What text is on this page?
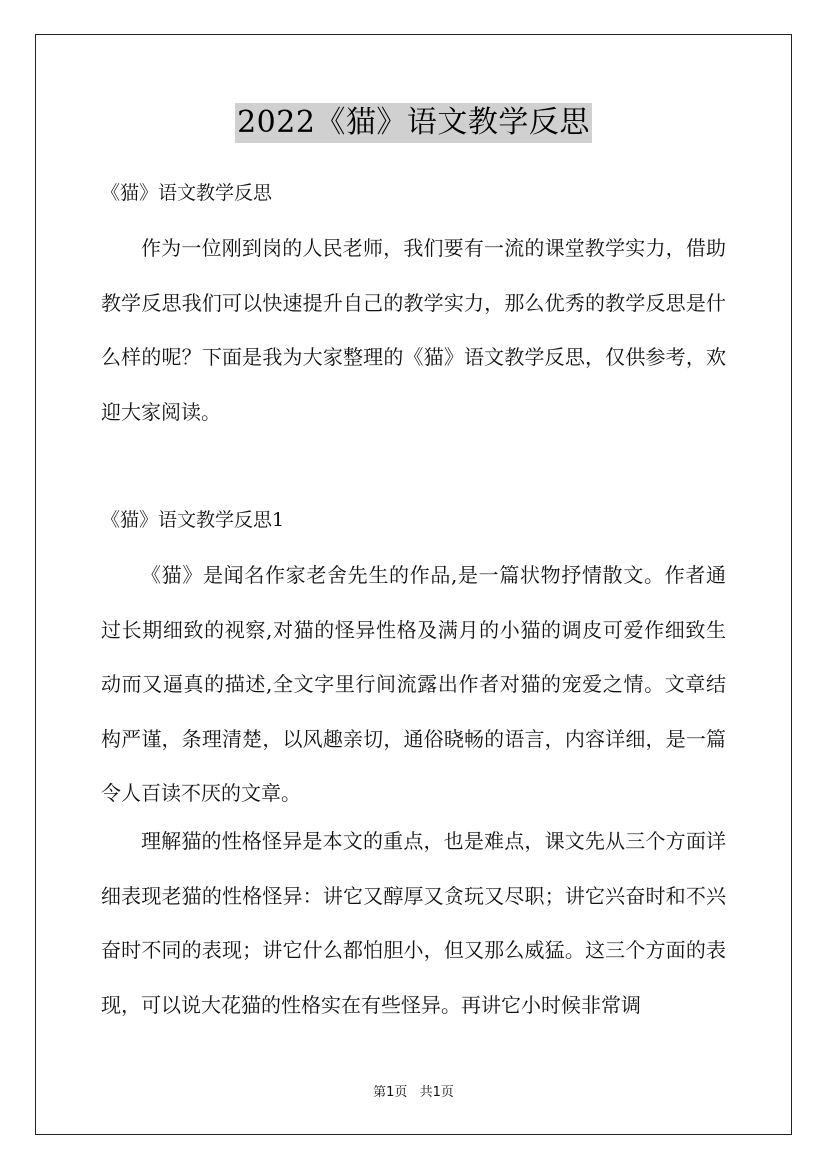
2022《猫》语文教学反思
《猫》语文教学反思

作为一位刚到岗的人民老师，我们要有一流的课堂教学实力，借助教学反思我们可以快速提升自己的教学实力，那么优秀的教学反思是什么样的呢？下面是我为大家整理的《猫》语文教学反思，仅供参考，欢迎大家阅读。

《猫》语文教学反思1

《猫》是闻名作家老舍先生的作品,是一篇状物抒情散文。作者通过长期细致的视察,对猫的怪异性格及满月的小猫的调皮可爱作细致生动而又逼真的描述,全文字里行间流露出作者对猫的宠爱之情。文章结构严谨，条理清楚，以风趣亲切，通俗晓畅的语言，内容详细，是一篇令人百读不厌的文章。

理解猫的性格怪异是本文的重点，也是难点，课文先从三个方面详细表现老猫的性格怪异：讲它又醇厚又贪玩又尽职；讲它兴奋时和不兴奋时不同的表现；讲它什么都怕胆小，但又那么威猛。这三个方面的表现，可以说大花猫的性格实在有些怪异。再讲它小时候非常调

第1页 共1页
